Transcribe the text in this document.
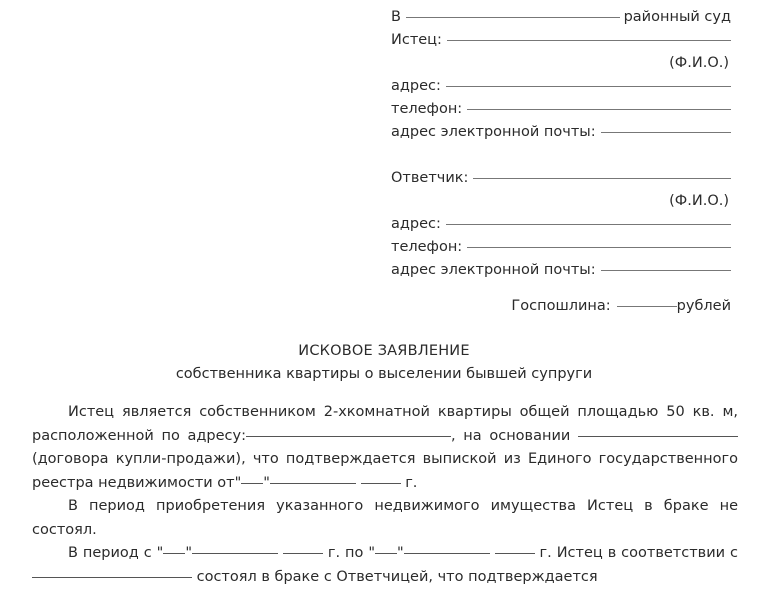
В	районный суд
Истец:
(Ф.И.О.)
адрес:
телефон:
адрес электронной почты:
Ответчик:
(Ф.И.О.)
адрес:
телефон:
адрес электронной почты:
Госпошлина:	рублей
ИСКОВОЕ ЗАЯВЛЕНИЕ
собственника квартиры о выселении бывшей супруги

Истец является собственником 2-хкомнатной квартиры общей площадью 50 кв. м, расположенной по адресу:	, на основании  (договора купли-продажи), что подтверждается выпиской из Единого государственного реестра недвижимости от" "	г.

В период приобретения указанного недвижимого имущества Истец в браке не состоял.

В период с " "	г. по " "	г. Истец в соответствии с  состоял в браке с Ответчицей, что подтверждается
